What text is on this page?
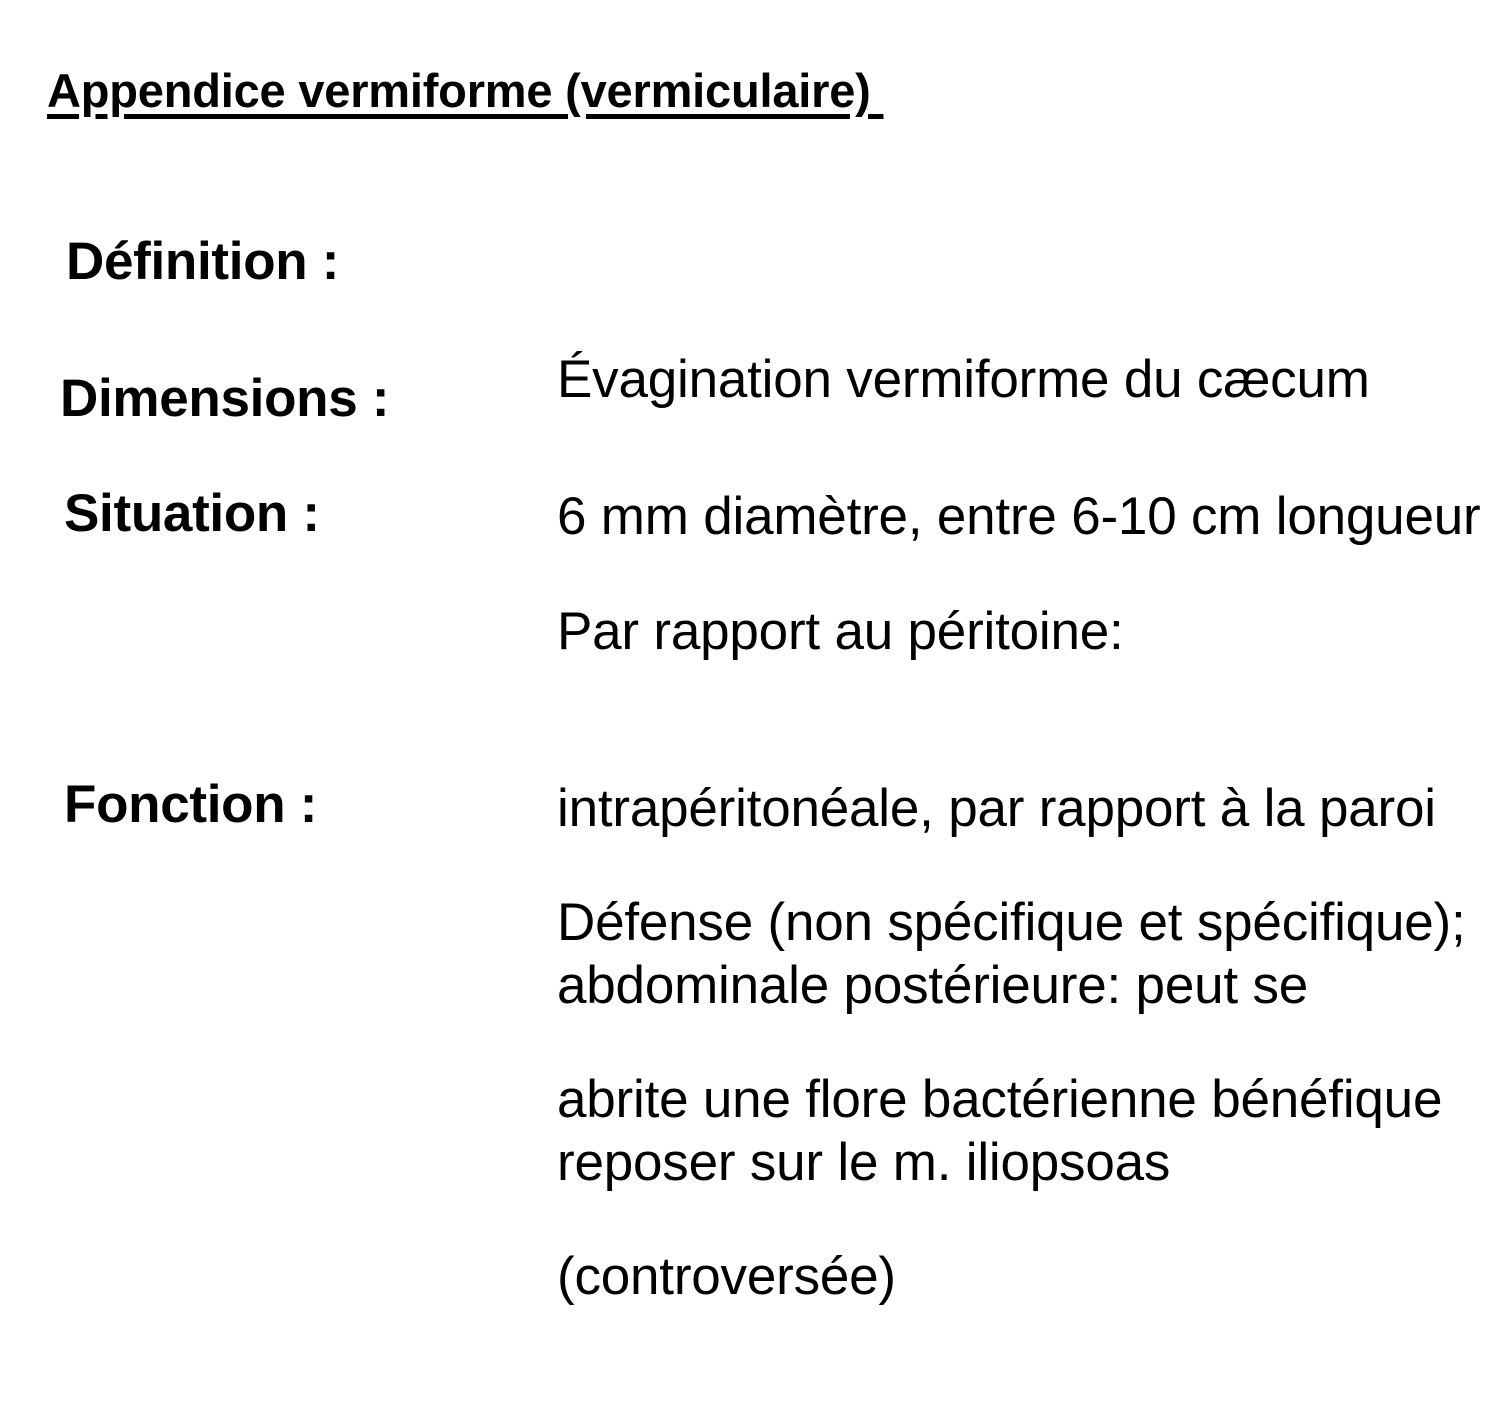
Appendice vermiforme (vermiculaire)
Définition :

Évagination vermiforme du cæcum

Dimensions :

6 mm diamètre, entre 6-10 cm longueur

Situation :

Par rapport au péritoine:

intrapéritonéale, par rapport à la paroi

abdominale postérieure: peut se

reposer sur le m. iliopsoas

Fonction :

Défense (non spécifique et spécifique);

abrite une flore bactérienne bénéfique

(controversée)
